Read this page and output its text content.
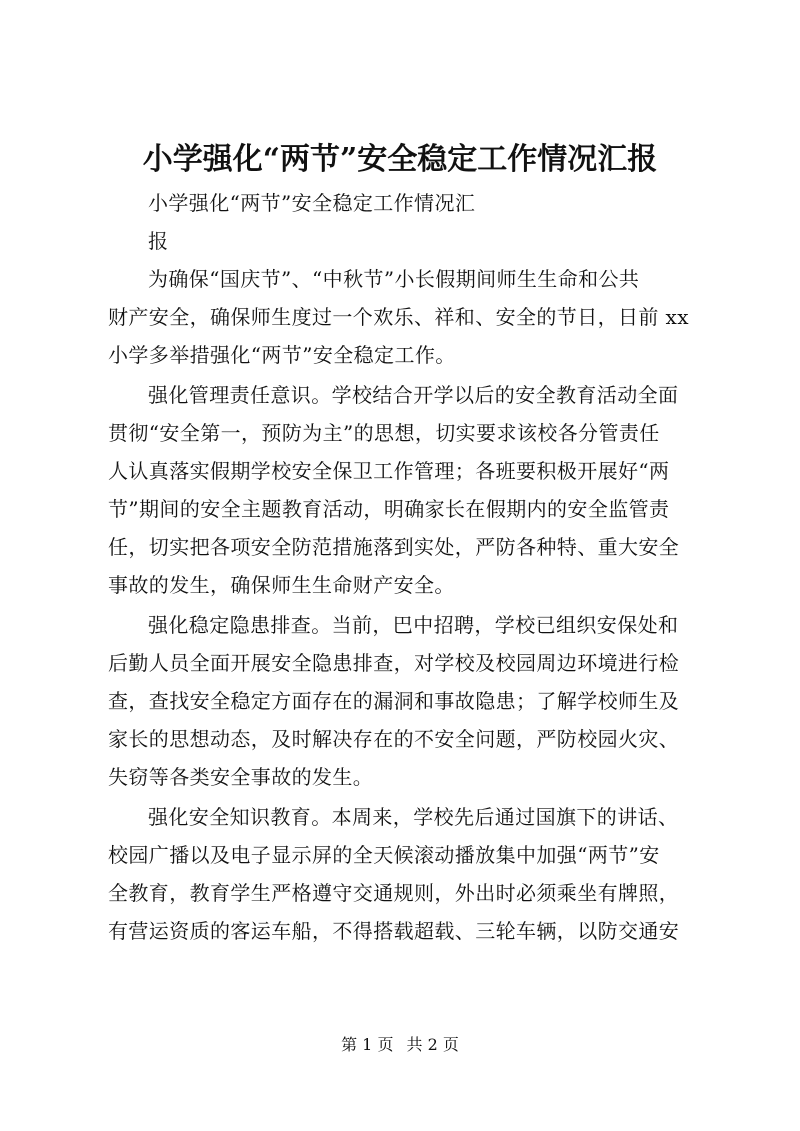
小学强化“两节”安全稳定工作情况汇报
小学强化“两节”安全稳定工作情况汇
报
为确保“国庆节”、“中秋节”小长假期间师生生命和公共
财产安全，确保师生度过一个欢乐、祥和、安全的节日，日前 xx
小学多举措强化“两节”安全稳定工作。
强化管理责任意识。学校结合开学以后的安全教育活动全面
贯彻“安全第一，预防为主”的思想，切实要求该校各分管责任
人认真落实假期学校安全保卫工作管理；各班要积极开展好“两
节”期间的安全主题教育活动，明确家长在假期内的安全监管责
任，切实把各项安全防范措施落到实处，严防各种特、重大安全
事故的发生，确保师生生命财产安全。
强化稳定隐患排查。当前，巴中招聘，学校已组织安保处和
后勤人员全面开展安全隐患排查，对学校及校园周边环境进行检
查，查找安全稳定方面存在的漏洞和事故隐患；了解学校师生及
家长的思想动态，及时解决存在的不安全问题，严防校园火灾、
失窃等各类安全事故的发生。
强化安全知识教育。本周来，学校先后通过国旗下的讲话、
校园广播以及电子显示屏的全天候滚动播放集中加强“两节”安
全教育，教育学生严格遵守交通规则，外出时必须乘坐有牌照，
有营运资质的客运车船，不得搭载超载、三轮车辆，以防交通安
第 1 页 共 2 页
